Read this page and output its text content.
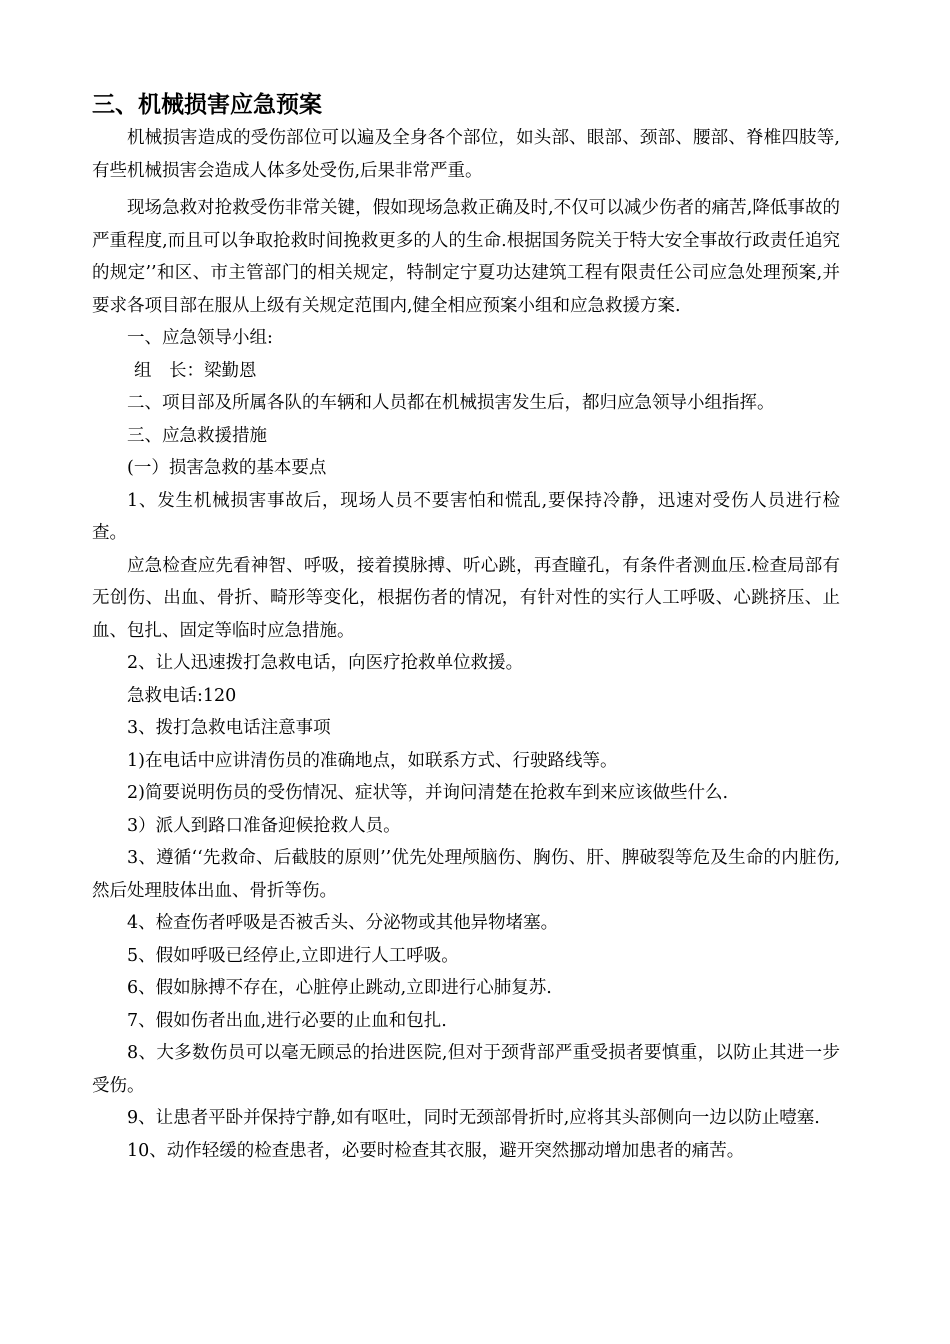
三、机械损害应急预案

机械损害造成的受伤部位可以遍及全身各个部位，如头部、眼部、颈部、腰部、脊椎四肢等,有些机械损害会造成人体多处受伤,后果非常严重。

现场急救对抢救受伤非常关键，假如现场急救正确及时,不仅可以减少伤者的痛苦,降低事故的严重程度,而且可以争取抢救时间挽救更多的人的生命.根据国务院关于特大安全事故行政责任追究的规定’’和区、市主管部门的相关规定，特制定宁夏功达建筑工程有限责任公司应急处理预案,并要求各项目部在服从上级有关规定范围内,健全相应预案小组和应急救援方案.

一、应急领导小组:

组　长：梁勤恩

二、项目部及所属各队的车辆和人员都在机械损害发生后，都归应急领导小组指挥。

三、应急救援措施

(一）损害急救的基本要点

1、发生机械损害事故后，现场人员不要害怕和慌乱,要保持冷静，迅速对受伤人员进行检查。

应急检查应先看神智、呼吸，接着摸脉搏、听心跳，再查瞳孔，有条件者测血压.检查局部有无创伤、出血、骨折、畸形等变化，根据伤者的情况，有针对性的实行人工呼吸、心跳挤压、止血、包扎、固定等临时应急措施。

2、让人迅速拨打急救电话，向医疗抢救单位救援。

急救电话:120

3、拨打急救电话注意事项

1)在电话中应讲清伤员的准确地点，如联系方式、行驶路线等。

2)简要说明伤员的受伤情况、症状等，并询问清楚在抢救车到来应该做些什么.

3）派人到路口准备迎候抢救人员。

3、遵循‘‘先救命、后截肢的原则’’优先处理颅脑伤、胸伤、肝、脾破裂等危及生命的内脏伤,然后处理肢体出血、骨折等伤。

4、检查伤者呼吸是否被舌头、分泌物或其他异物堵塞。

5、假如呼吸已经停止,立即进行人工呼吸。

6、假如脉搏不存在，心脏停止跳动,立即进行心肺复苏.

7、假如伤者出血,进行必要的止血和包扎.

8、大多数伤员可以毫无顾忌的抬进医院,但对于颈背部严重受损者要慎重，以防止其进一步受伤。

9、让患者平卧并保持宁静,如有呕吐，同时无颈部骨折时,应将其头部侧向一边以防止噎塞.

10、动作轻缓的检查患者，必要时检查其衣服，避开突然挪动增加患者的痛苦。
